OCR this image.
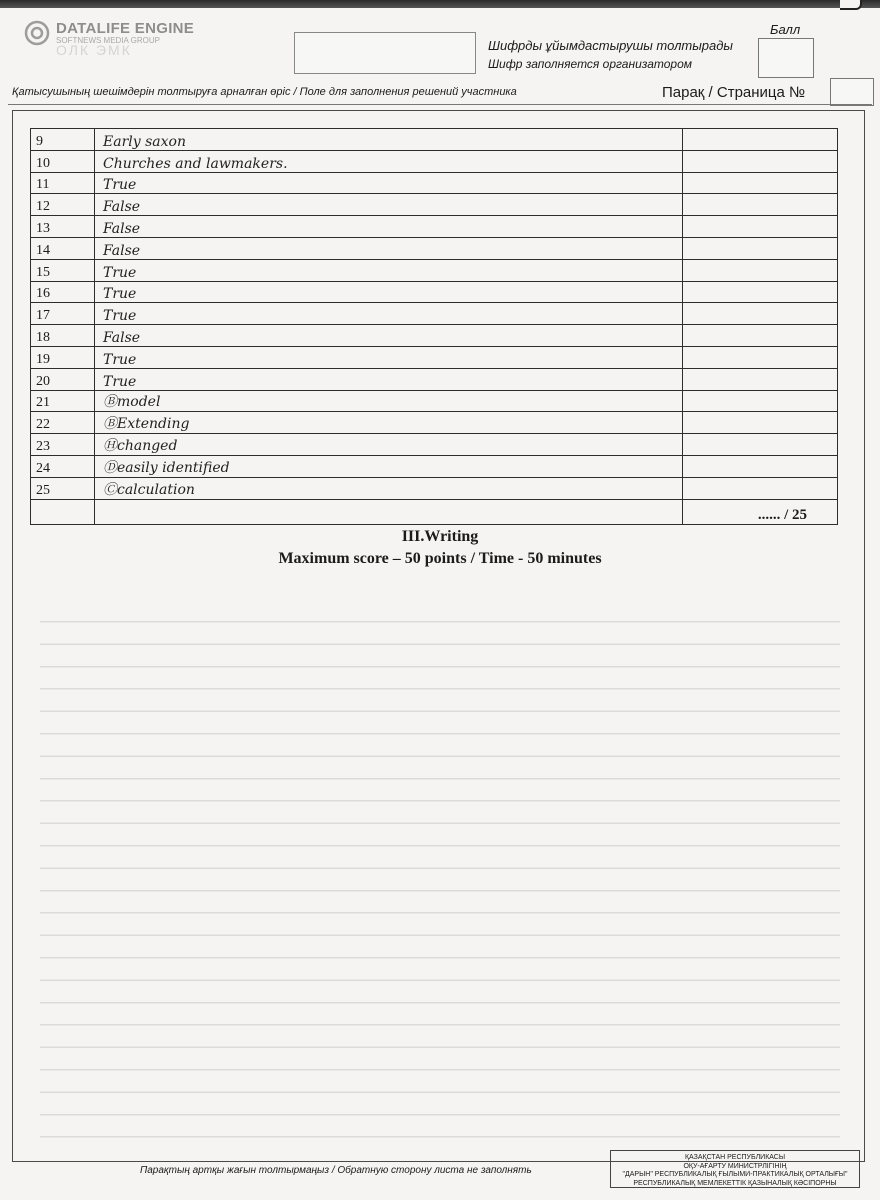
DATALIFE ENGINE
SOFTNEWS MEDIA GROUP
ОЛК ЭМК	Шифрды ұйымдастырушы толтырады
Шифр заполняется организатором
Балл
Қатысушының шешімдерін толтыруға арналған өріс / Поле для заполнения решений участника	Парақ / Страница №
9	Early saxon	
10	Churches and lawmakers.	
11	True	
12	False	
13	False	
14	False	
15	True	
16	True	
17	True	
18	False	
19	True	
20	True	
21	Ⓑmodel	
22	ⒷExtending	
23	Ⓗchanged	
24	Ⓓeasily identified	
25	Ⓒcalculation	
		...... / 25
III.Writing
Maximum score – 50 points / Time - 50 minutes
Парақтың артқы жағын толтырмаңыз / Обратную сторону листа не заполнять
ҚАЗАҚСТАН РЕСПУБЛИКАСЫ
ОҚУ-АҒАРТУ МИНИСТРЛІГІНІҢ
"ДАРЫН" РЕСПУБЛИКАЛЫҚ ҒЫЛЫМИ-ПРАКТИКАЛЫҚ ОРТАЛЫҒЫ"
РЕСПУБЛИКАЛЫҚ МЕМЛЕКЕТТІК ҚАЗЫНАЛЫҚ КӘСІПОРНЫ
